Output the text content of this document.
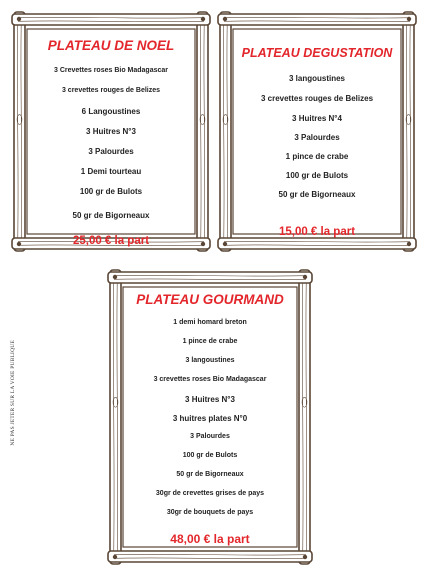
PLATEAU DE NOEL
3 Crevettes roses Bio Madagascar
3 crevettes rouges de Belizes
6 Langoustines
3 Huitres N°3
3 Palourdes
1 Demi tourteau
100 gr de Bulots
50 gr de Bigorneaux
25,00 € la part
PLATEAU DEGUSTATION
3 langoustines
3 crevettes rouges de Belizes
3 Huitres N°4
3 Palourdes
1 pince de crabe
100 gr de Bulots
50 gr de Bigorneaux
15,00 € la part
PLATEAU GOURMAND
1 demi homard breton
1 pince de crabe
3 langoustines
3 crevettes roses Bio Madagascar
3 Huitres N°3
3 huitres plates N°0
3 Palourdes
100 gr de Bulots
50 gr de Bigorneaux
30gr de crevettes grises de pays
30gr de bouquets de pays
48,00 € la part
NE PAS JETER SUR LA VOIE PUBLIQUE
